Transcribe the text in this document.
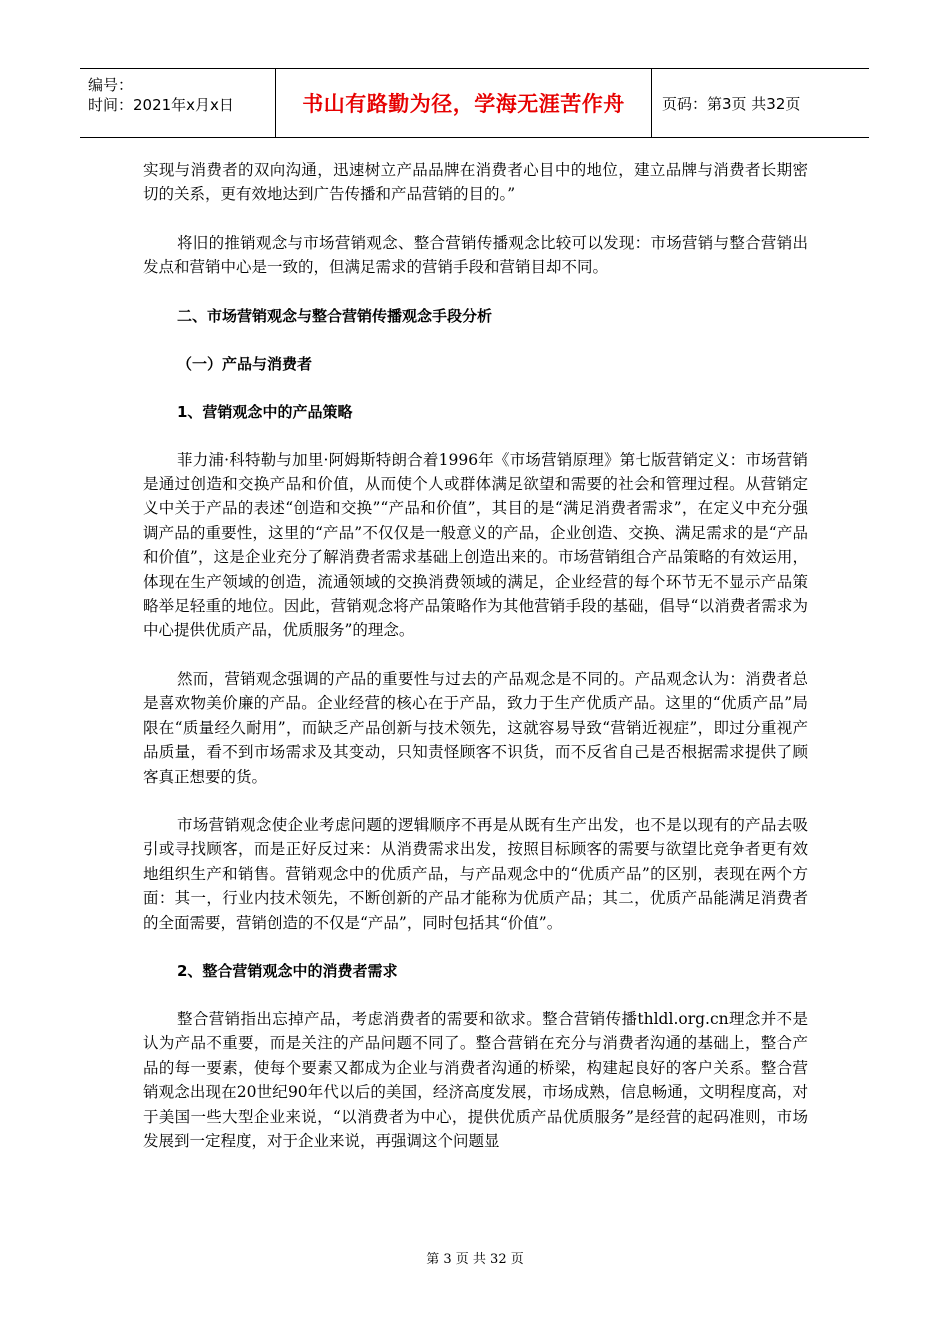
编号：
时间：2021年x月x日	书山有路勤为径，学海无涯苦作舟	页码：第3页 共32页

实现与消费者的双向沟通，迅速树立产品品牌在消费者心目中的地位，建立品牌与消费者长期密切的关系，更有效地达到广告传播和产品营销的目的。”

将旧的推销观念与市场营销观念、整合营销传播观念比较可以发现：市场营销与整合营销出发点和营销中心是一致的，但满足需求的营销手段和营销目却不同。

二、市场营销观念与整合营销传播观念手段分析

（一）产品与消费者

1、营销观念中的产品策略

菲力浦·科特勒与加里·阿姆斯特朗合着1996年《市场营销原理》第七版营销定义：市场营销是通过创造和交换产品和价值，从而使个人或群体满足欲望和需要的社会和管理过程。从营销定义中关于产品的表述“创造和交换”“产品和价值”，其目的是“满足消费者需求”，在定义中充分强调产品的重要性，这里的“产品”不仅仅是一般意义的产品，企业创造、交换、满足需求的是“产品和价值”，这是企业充分了解消费者需求基础上创造出来的。市场营销组合产品策略的有效运用，体现在生产领域的创造，流通领域的交换消费领域的满足，企业经营的每个环节无不显示产品策略举足轻重的地位。因此，营销观念将产品策略作为其他营销手段的基础，倡导“以消费者需求为中心提供优质产品，优质服务”的理念。

然而，营销观念强调的产品的重要性与过去的产品观念是不同的。产品观念认为：消费者总是喜欢物美价廉的产品。企业经营的核心在于产品，致力于生产优质产品。这里的“优质产品”局限在“质量经久耐用”，而缺乏产品创新与技术领先，这就容易导致“营销近视症”，即过分重视产品质量，看不到市场需求及其变动，只知责怪顾客不识货，而不反省自己是否根据需求提供了顾客真正想要的货。

市场营销观念使企业考虑问题的逻辑顺序不再是从既有生产出发，也不是以现有的产品去吸引或寻找顾客，而是正好反过来：从消费需求出发，按照目标顾客的需要与欲望比竞争者更有效地组织生产和销售。营销观念中的优质产品，与产品观念中的“优质产品”的区别，表现在两个方面：其一，行业内技术领先，不断创新的产品才能称为优质产品；其二，优质产品能满足消费者的全面需要，营销创造的不仅是“产品”，同时包括其“价值”。

2、整合营销观念中的消费者需求

整合营销指出忘掉产品，考虑消费者的需要和欲求。整合营销传播thldl.org.cn理念并不是认为产品不重要，而是关注的产品问题不同了。整合营销在充分与消费者沟通的基础上，整合产品的每一要素，使每个要素又都成为企业与消费者沟通的桥梁，构建起良好的客户关系。整合营销观念出现在20世纪90年代以后的美国，经济高度发展，市场成熟，信息畅通，文明程度高，对于美国一些大型企业来说，“以消费者为中心，提供优质产品优质服务”是经营的起码准则，市场发展到一定程度，对于企业来说，再强调这个问题显

第 3 页 共 32 页
